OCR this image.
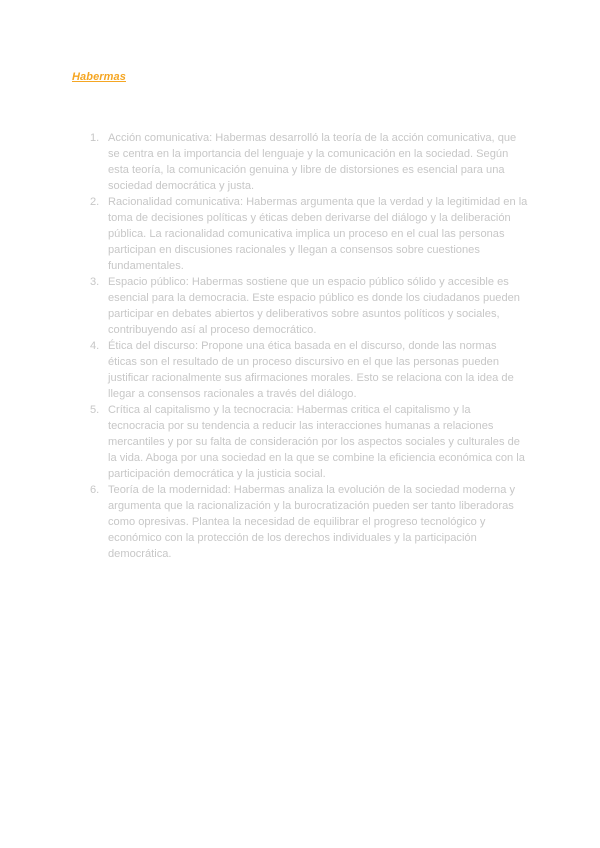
Habermas
1. Acción comunicativa: Habermas desarrolló la teoría de la acción comunicativa, que se centra en la importancia del lenguaje y la comunicación en la sociedad. Según esta teoría, la comunicación genuina y libre de distorsiones es esencial para una sociedad democrática y justa.
2. Racionalidad comunicativa: Habermas argumenta que la verdad y la legitimidad en la toma de decisiones políticas y éticas deben derivarse del diálogo y la deliberación pública. La racionalidad comunicativa implica un proceso en el cual las personas participan en discusiones racionales y llegan a consensos sobre cuestiones fundamentales.
3. Espacio público: Habermas sostiene que un espacio público sólido y accesible es esencial para la democracia. Este espacio público es donde los ciudadanos pueden participar en debates abiertos y deliberativos sobre asuntos políticos y sociales, contribuyendo así al proceso democrático.
4. Ética del discurso: Propone una ética basada en el discurso, donde las normas éticas son el resultado de un proceso discursivo en el que las personas pueden justificar racionalmente sus afirmaciones morales. Esto se relaciona con la idea de llegar a consensos racionales a través del diálogo.
5. Crítica al capitalismo y la tecnocracia: Habermas critica el capitalismo y la tecnocracia por su tendencia a reducir las interacciones humanas a relaciones mercantiles y por su falta de consideración por los aspectos sociales y culturales de la vida. Aboga por una sociedad en la que se combine la eficiencia económica con la participación democrática y la justicia social.
6. Teoría de la modernidad: Habermas analiza la evolución de la sociedad moderna y argumenta que la racionalización y la burocratización pueden ser tanto liberadoras como opresivas. Plantea la necesidad de equilibrar el progreso tecnológico y económico con la protección de los derechos individuales y la participación democrática.
